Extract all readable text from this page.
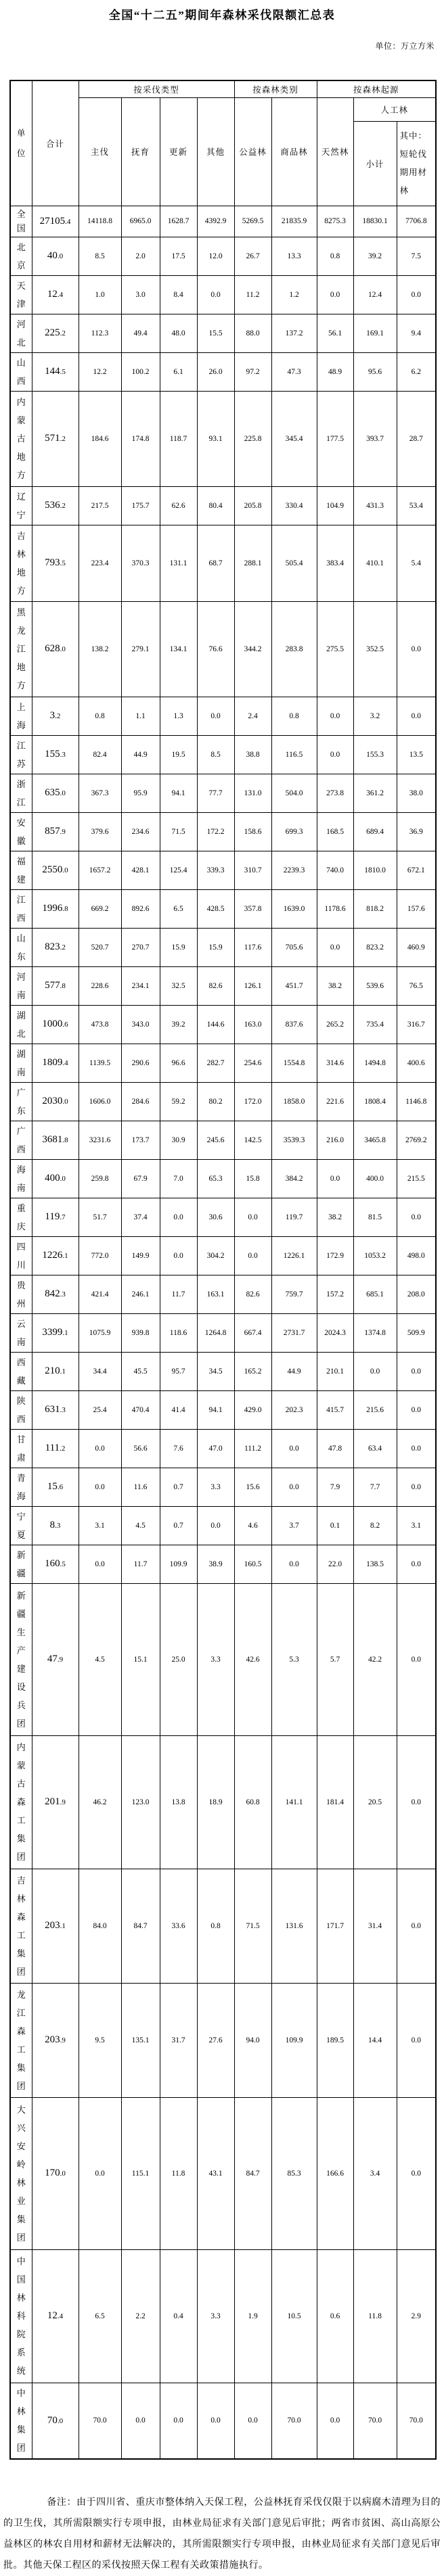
全国“十二五”期间年森林采伐限额汇总表
单位：万立方米
单位	合计	按采伐类型				按森林类别		按森林起源		
		主伐	抚育	更新	其他	公益林	商品林	天然林	人工林	
									小计	其中：短轮伐期用材林
全国	27105.4	14118.8	6965.0	1628.7	4392.9	5269.5	21835.9	8275.3	18830.1	7706.8
北京	40.0	8.5	2.0	17.5	12.0	26.7	13.3	0.8	39.2	7.5
天津	12.4	1.0	3.0	8.4	0.0	11.2	1.2	0.0	12.4	0.0
河北	225.2	112.3	49.4	48.0	15.5	88.0	137.2	56.1	169.1	9.4
山西	144.5	12.2	100.2	6.1	26.0	97.2	47.3	48.9	95.6	6.2
内蒙古地方	571.2	184.6	174.8	118.7	93.1	225.8	345.4	177.5	393.7	28.7
辽宁	536.2	217.5	175.7	62.6	80.4	205.8	330.4	104.9	431.3	53.4
吉林地方	793.5	223.4	370.3	131.1	68.7	288.1	505.4	383.4	410.1	5.4
黑龙江地方	628.0	138.2	279.1	134.1	76.6	344.2	283.8	275.5	352.5	0.0
上海	3.2	0.8	1.1	1.3	0.0	2.4	0.8	0.0	3.2	0.0
江苏	155.3	82.4	44.9	19.5	8.5	38.8	116.5	0.0	155.3	13.5
浙江	635.0	367.3	95.9	94.1	77.7	131.0	504.0	273.8	361.2	38.0
安徽	857.9	379.6	234.6	71.5	172.2	158.6	699.3	168.5	689.4	36.9
福建	2550.0	1657.2	428.1	125.4	339.3	310.7	2239.3	740.0	1810.0	672.1
江西	1996.8	669.2	892.6	6.5	428.5	357.8	1639.0	1178.6	818.2	157.6
山东	823.2	520.7	270.7	15.9	15.9	117.6	705.6	0.0	823.2	460.9
河南	577.8	228.6	234.1	32.5	82.6	126.1	451.7	38.2	539.6	76.5
湖北	1000.6	473.8	343.0	39.2	144.6	163.0	837.6	265.2	735.4	316.7
湖南	1809.4	1139.5	290.6	96.6	282.7	254.6	1554.8	314.6	1494.8	400.6
广东	2030.0	1606.0	284.6	59.2	80.2	172.0	1858.0	221.6	1808.4	1146.8
广西	3681.8	3231.6	173.7	30.9	245.6	142.5	3539.3	216.0	3465.8	2769.2
海南	400.0	259.8	67.9	7.0	65.3	15.8	384.2	0.0	400.0	215.5
重庆	119.7	51.7	37.4	0.0	30.6	0.0	119.7	38.2	81.5	0.0
四川	1226.1	772.0	149.9	0.0	304.2	0.0	1226.1	172.9	1053.2	498.0
贵州	842.3	421.4	246.1	11.7	163.1	82.6	759.7	157.2	685.1	208.0
云南	3399.1	1075.9	939.8	118.6	1264.8	667.4	2731.7	2024.3	1374.8	509.9
西藏	210.1	34.4	45.5	95.7	34.5	165.2	44.9	210.1	0.0	0.0
陕西	631.3	25.4	470.4	41.4	94.1	429.0	202.3	415.7	215.6	0.0
甘肃	111.2	0.0	56.6	7.6	47.0	111.2	0.0	47.8	63.4	0.0
青海	15.6	0.0	11.6	0.7	3.3	15.6	0.0	7.9	7.7	0.0
宁夏	8.3	3.1	4.5	0.7	0.0	4.6	3.7	0.1	8.2	3.1
新疆	160.5	0.0	11.7	109.9	38.9	160.5	0.0	22.0	138.5	0.0
新疆生产建设兵团	47.9	4.5	15.1	25.0	3.3	42.6	5.3	5.7	42.2	0.0
内蒙古森工集团	201.9	46.2	123.0	13.8	18.9	60.8	141.1	181.4	20.5	0.0
吉林森工集团	203.1	84.0	84.7	33.6	0.8	71.5	131.6	171.7	31.4	0.0
龙江森工集团	203.9	9.5	135.1	31.7	27.6	94.0	109.9	189.5	14.4	0.0
大兴安岭林业集团	170.0	0.0	115.1	11.8	43.1	84.7	85.3	166.6	3.4	0.0
中国林科院系统	12.4	6.5	2.2	0.4	3.3	1.9	10.5	0.6	11.8	2.9
中林集团	70.0	70.0	0.0	0.0	0.0	0.0	70.0	0.0	70.0	70.0
备注：由于四川省、重庆市整体纳入天保工程，公益林抚育采伐仅限于以病腐木清理为目的的卫生伐，其所需限额实行专项申报，由林业局征求有关部门意见后审批；两省市贫困、高山高原公益林区的林农自用材和薪材无法解决的，其所需限额实行专项申报，由林业局征求有关部门意见后审批。其他天保工程区的采伐按照天保工程有关政策措施执行。
